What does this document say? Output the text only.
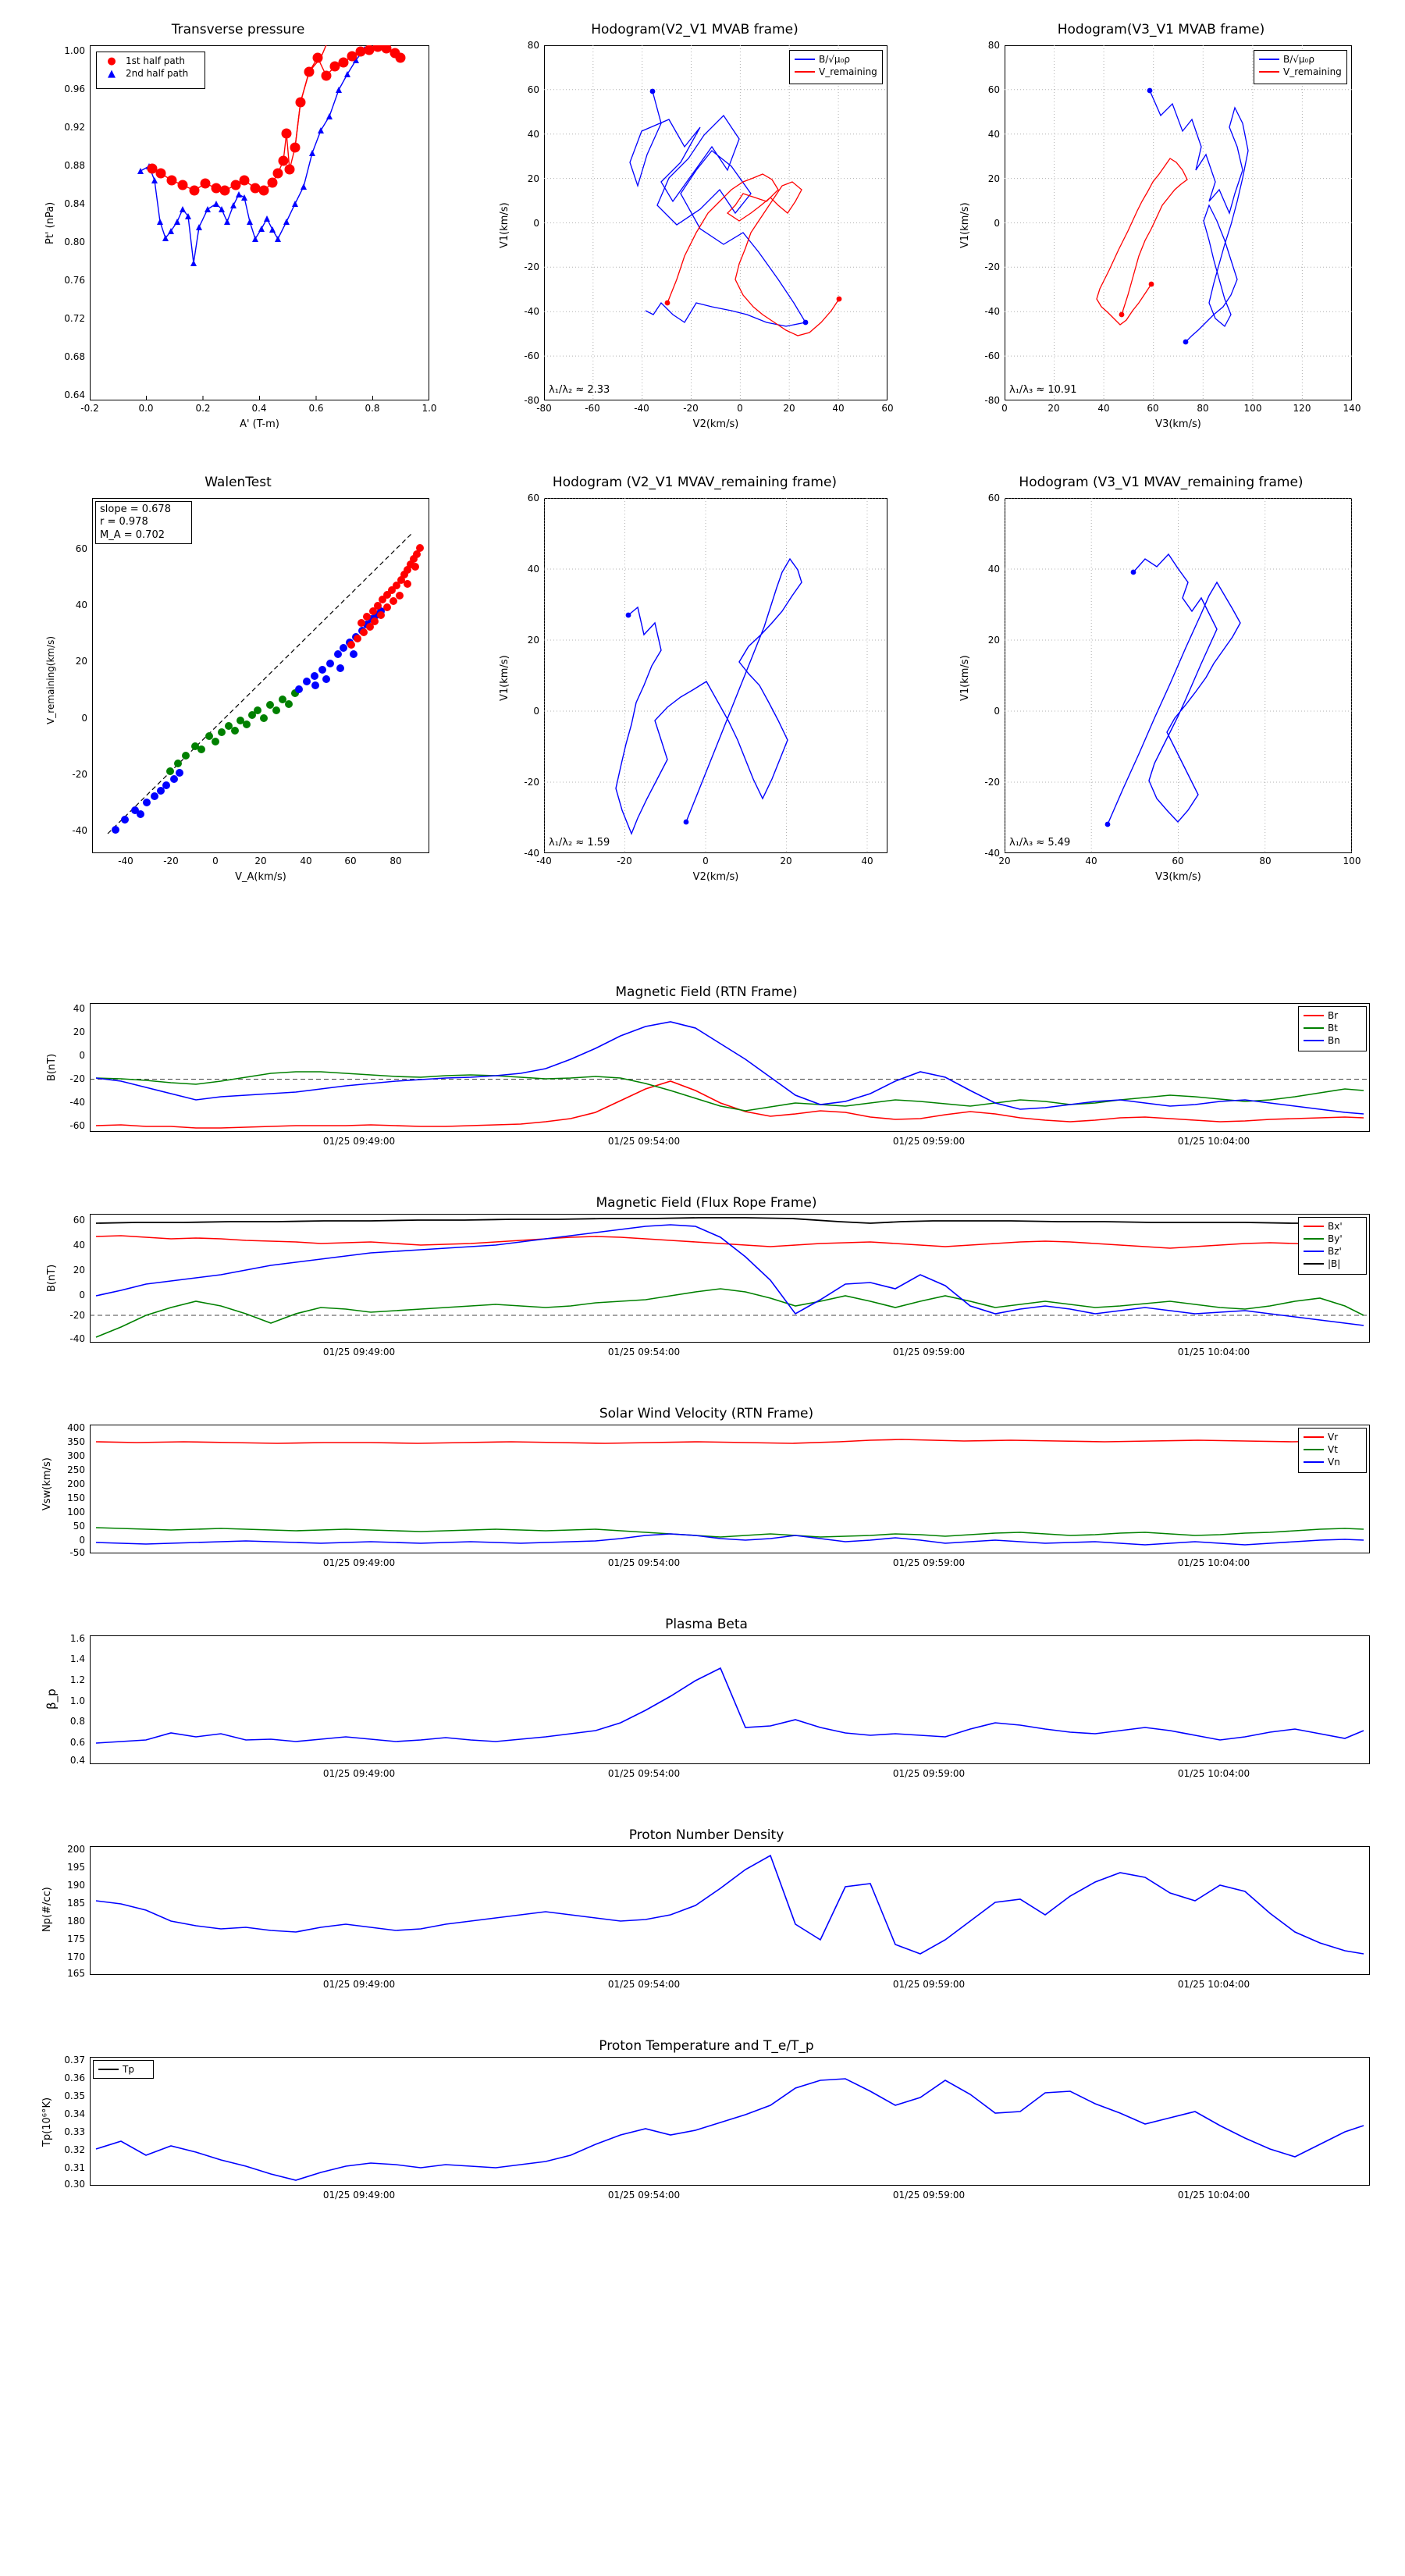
Transverse pressure
●	1st half path
▲	2nd half path
-0.2	0.0	0.2	0.4	0.6	0.8	1.0
1.00
0.96
0.92
0.88
0.84
0.80
0.76
0.72
0.68
0.64
A' (T-m)
Pt' (nPa)
Hodogram(V2_V1 MVAB frame)
B/√μ₀ρ
V_remaining
λ₁/λ₂ ≈ 2.33
-80	-60	-40	-20	0	20	40	60
80
60
40
20
0
-20
-40
-60
-80
V2(km/s)
V1(km/s)
Hodogram(V3_V1 MVAB frame)
B/√μ₀ρ
V_remaining
λ₁/λ₃ ≈ 10.91
0	20	40	60	80	100	120	140
80
60
40
20
0
-20
-40
-60
-80
V3(km/s)
V1(km/s)
WalenTest
slope = 0.678
r = 0.978
M_A = 0.702
-40	-20	0	20	40	60	80
60
40
20
0
-20
-40
V_A(km/s)
V_remaining(km/s)
Hodogram (V2_V1 MVAV_remaining frame)
λ₁/λ₂ ≈ 1.59
-40	-20	0	20	40
60
40
20
0
-20
-40
V2(km/s)
V1(km/s)
Hodogram (V3_V1 MVAV_remaining frame)
λ₁/λ₃ ≈ 5.49
20	40	60	80	100
60
40
20
0
-20
-40
V3(km/s)
V1(km/s)
Magnetic Field (RTN Frame)
Br
Bt
Bn
40
20
0
-20
-40
-60
01/25 09:49:00	01/25 09:54:00	01/25 09:59:00	01/25 10:04:00
B(nT)
Magnetic Field (Flux Rope Frame)
Bx'
By'
Bz'
|B|
60
40
20
0
-20
-40
01/25 09:49:00	01/25 09:54:00	01/25 09:59:00	01/25 10:04:00
B(nT)
Solar Wind Velocity (RTN Frame)
Vr
Vt
Vn
400
350
300
250
200
150
100
50
0
-50
01/25 09:49:00	01/25 09:54:00	01/25 09:59:00	01/25 10:04:00
Vsw(km/s)
Plasma Beta
1.6
1.4
1.2
1.0
0.8
0.6
0.4
01/25 09:49:00	01/25 09:54:00	01/25 09:59:00	01/25 10:04:00
β_p
Proton Number Density
200
195
190
185
180
175
170
165
01/25 09:49:00	01/25 09:54:00	01/25 09:59:00	01/25 10:04:00
Np(#/cc)
Proton Temperature and T_e/T_p
Tp
0.37
0.36
0.35
0.34
0.33
0.32
0.31
0.30
01/25 09:49:00	01/25 09:54:00	01/25 09:59:00	01/25 10:04:00
Tp(10⁶°K)
